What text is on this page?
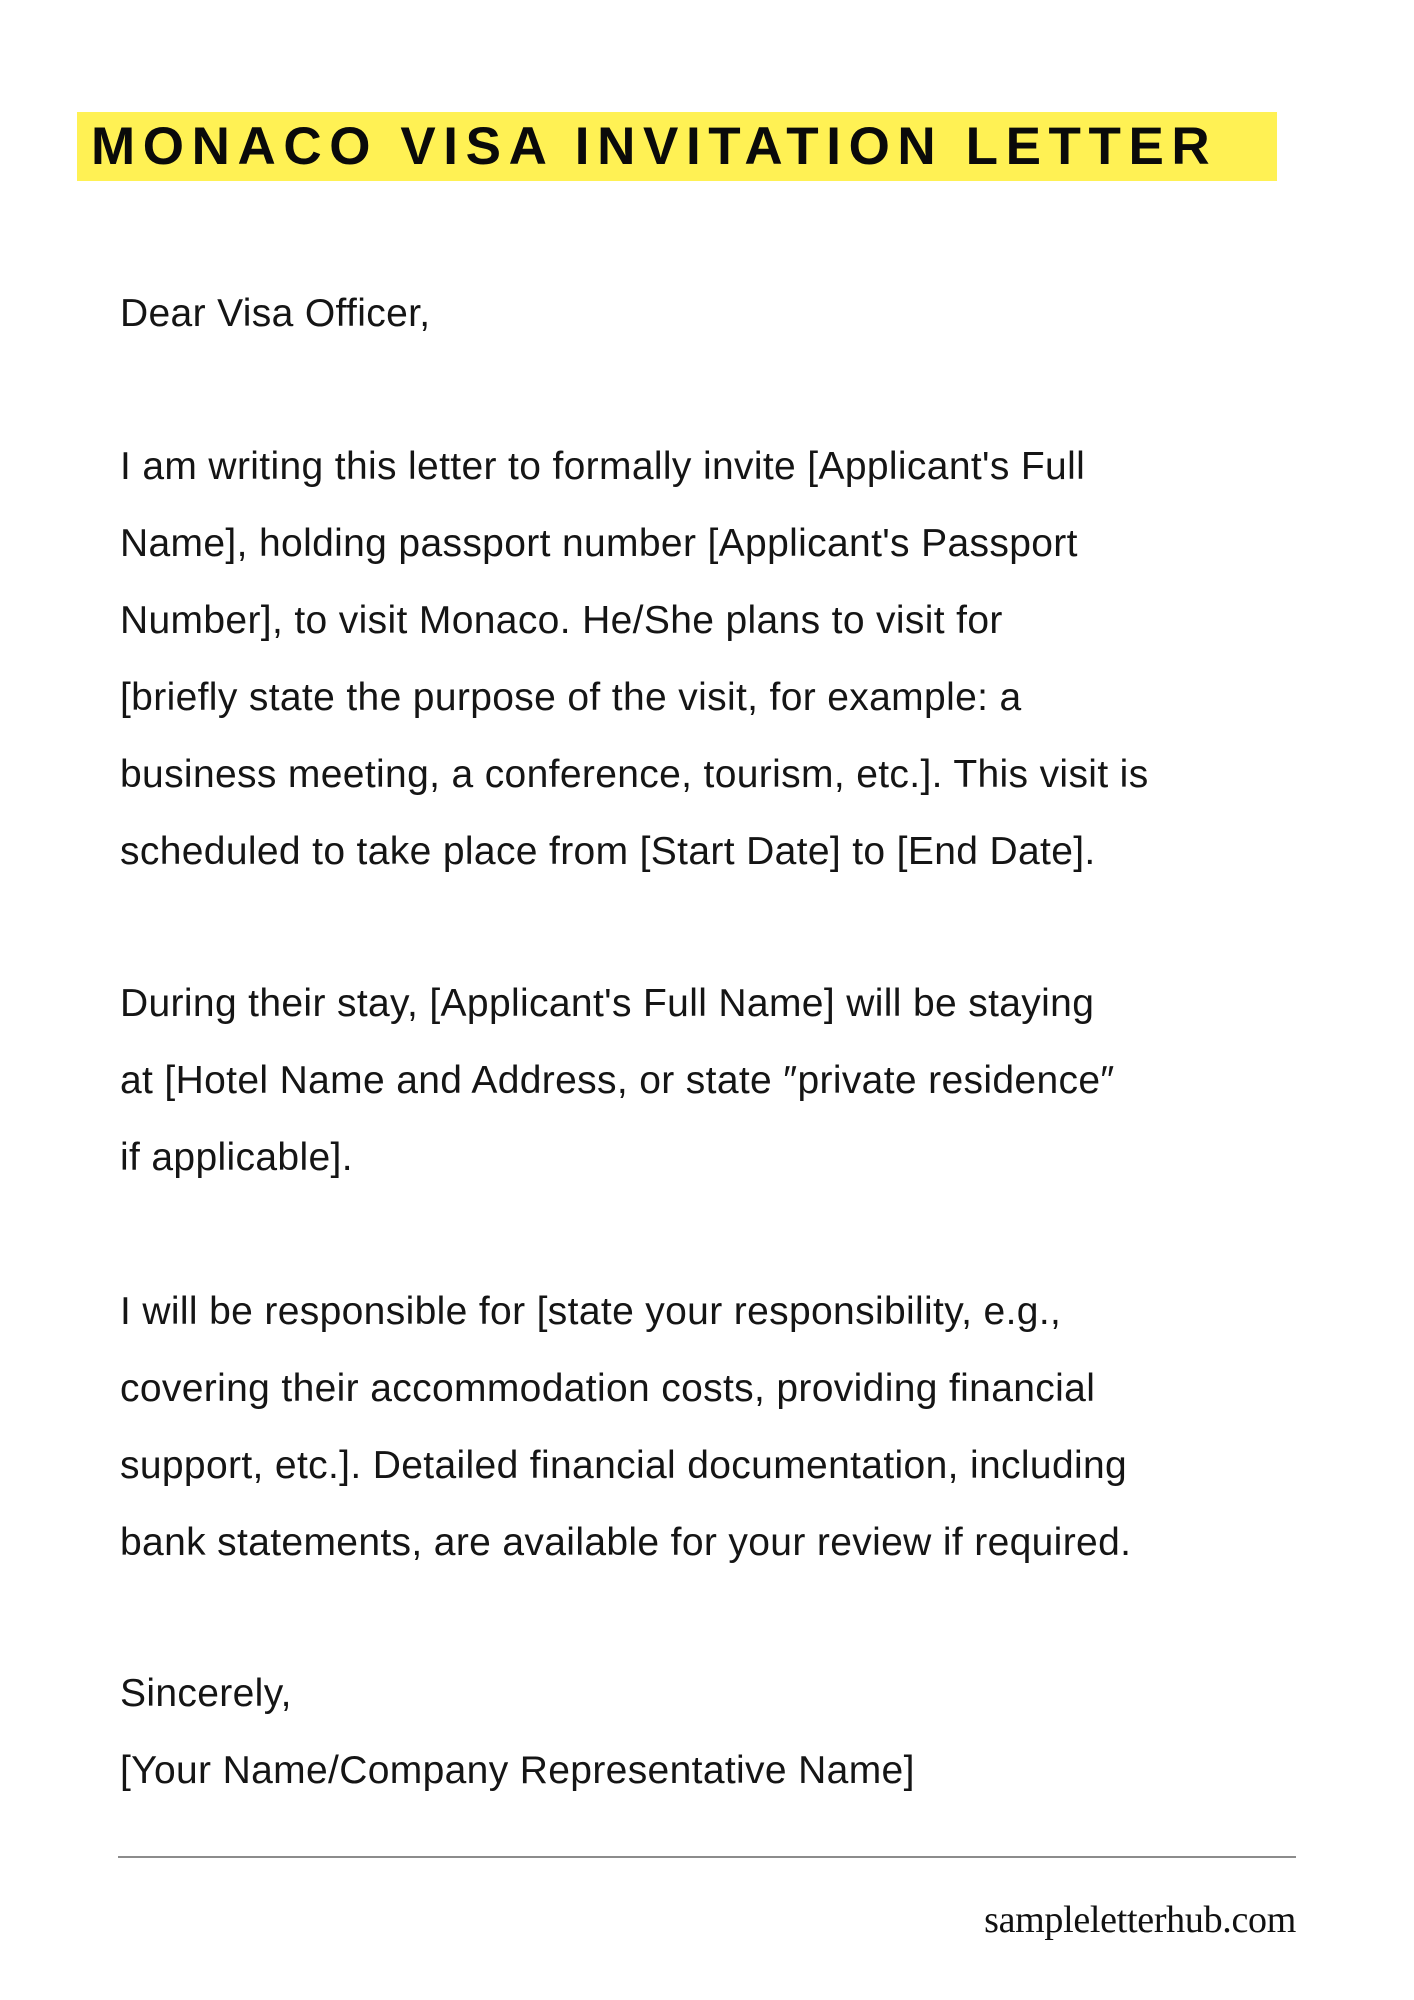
MONACO VISA INVITATION LETTER
Dear Visa Officer,
I am writing this letter to formally invite [Applicant's Full
Name], holding passport number [Applicant's Passport
Number], to visit Monaco. He/She plans to visit for
[briefly state the purpose of the visit, for example: a
business meeting, a conference, tourism, etc.]. This visit is
scheduled to take place from [Start Date] to [End Date].
During their stay, [Applicant's Full Name] will be staying
at [Hotel Name and Address, or state ″private residence″
if applicable].
I will be responsible for [state your responsibility, e.g.,
covering their accommodation costs, providing financial
support, etc.]. Detailed financial documentation, including
bank statements, are available for your review if required.
Sincerely,
[Your Name/Company Representative Name]
sampleletterhub.com
